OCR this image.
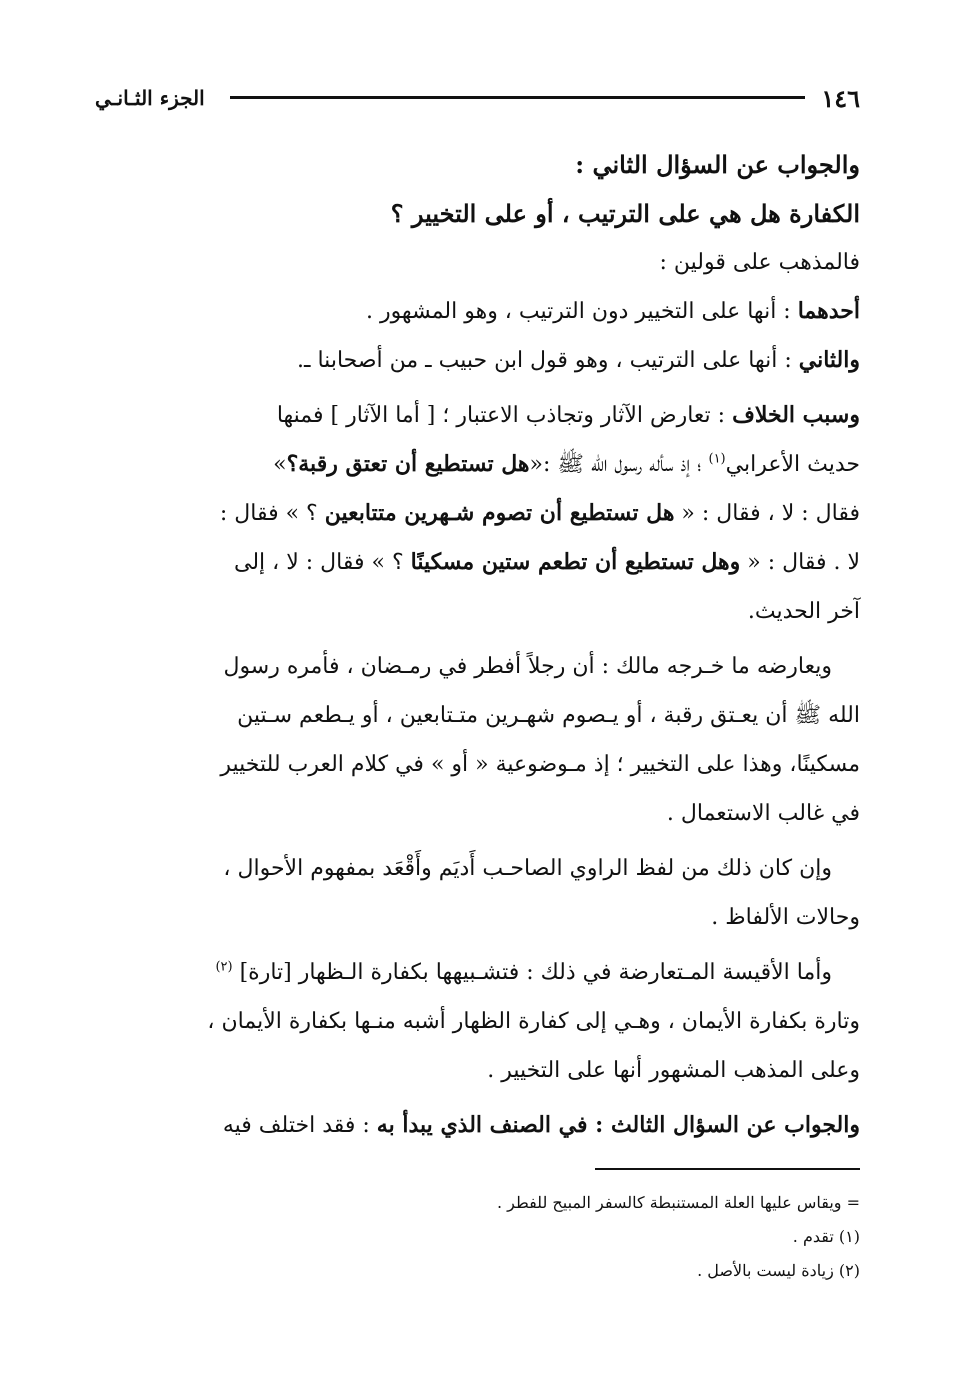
١٤٦
الجزء الثـانـي
والجواب عن السؤال الثاني :
الكفارة هل هي على الترتيب ، أو على التخيير ؟
فالمذهب على قولين :
أحدهما : أنها على التخيير دون الترتيب ، وهو المشهور .
والثاني : أنها على الترتيب ، وهو قول ابن حبيب ـ من أصحابنا ـ.
وسبب الخلاف : تعارض الآثار وتجاذب الاعتبار ؛ [ أما الآثار ] فمنها
حديث الأعرابي$^{(١)}$ ؛ إذ سأله رسول الله ﷺ :«هل تستطيع أن تعتق رقبة؟»
فقال : لا ، فقال : « هل تستطيع أن تصوم شـهرين متتابعين ؟ » فقال :
لا . فقال : « وهل تستطيع أن تطعم ستين مسكينًا ؟ » فقال : لا ، إلى
آخر الحديث.
ويعارضه ما خـرجه مالك : أن رجلاً أفطر في رمـضان ، فأمره رسول
الله ﷺ أن يعـتق رقبة ، أو يـصوم شهـرين متـتابعين ، أو يـطعم سـتين
مسكينًا، وهذا على التخيير ؛ إذ مـوضوعية « أو » في كلام العرب للتخيير
في غالب الاستعمال .
وإن كان ذلك من لفظ الراوي الصاحـب أَديَم وأَقْعَد بمفهوم الأحوال ،
وحالات الألفاظ .
وأما الأقيسة المـتعارضة في ذلك : فتشـبيهها بكفارة الـظهار [تارة] $^{(٢)}$
وتارة بكفارة الأيمان ، وهـي إلى كفارة الظهار أشبه منـها بكفارة الأيمان ،
وعلى المذهب المشهور أنها على التخيير .
والجواب عن السؤال الثالث : في الصنف الذي يبدأ به : فقد اختلف فيه
= ويقاس عليها العلة المستنبطة كالسفر المبيح للفطر .
(١) تقدم .
(٢) زيادة ليست بالأصل .
